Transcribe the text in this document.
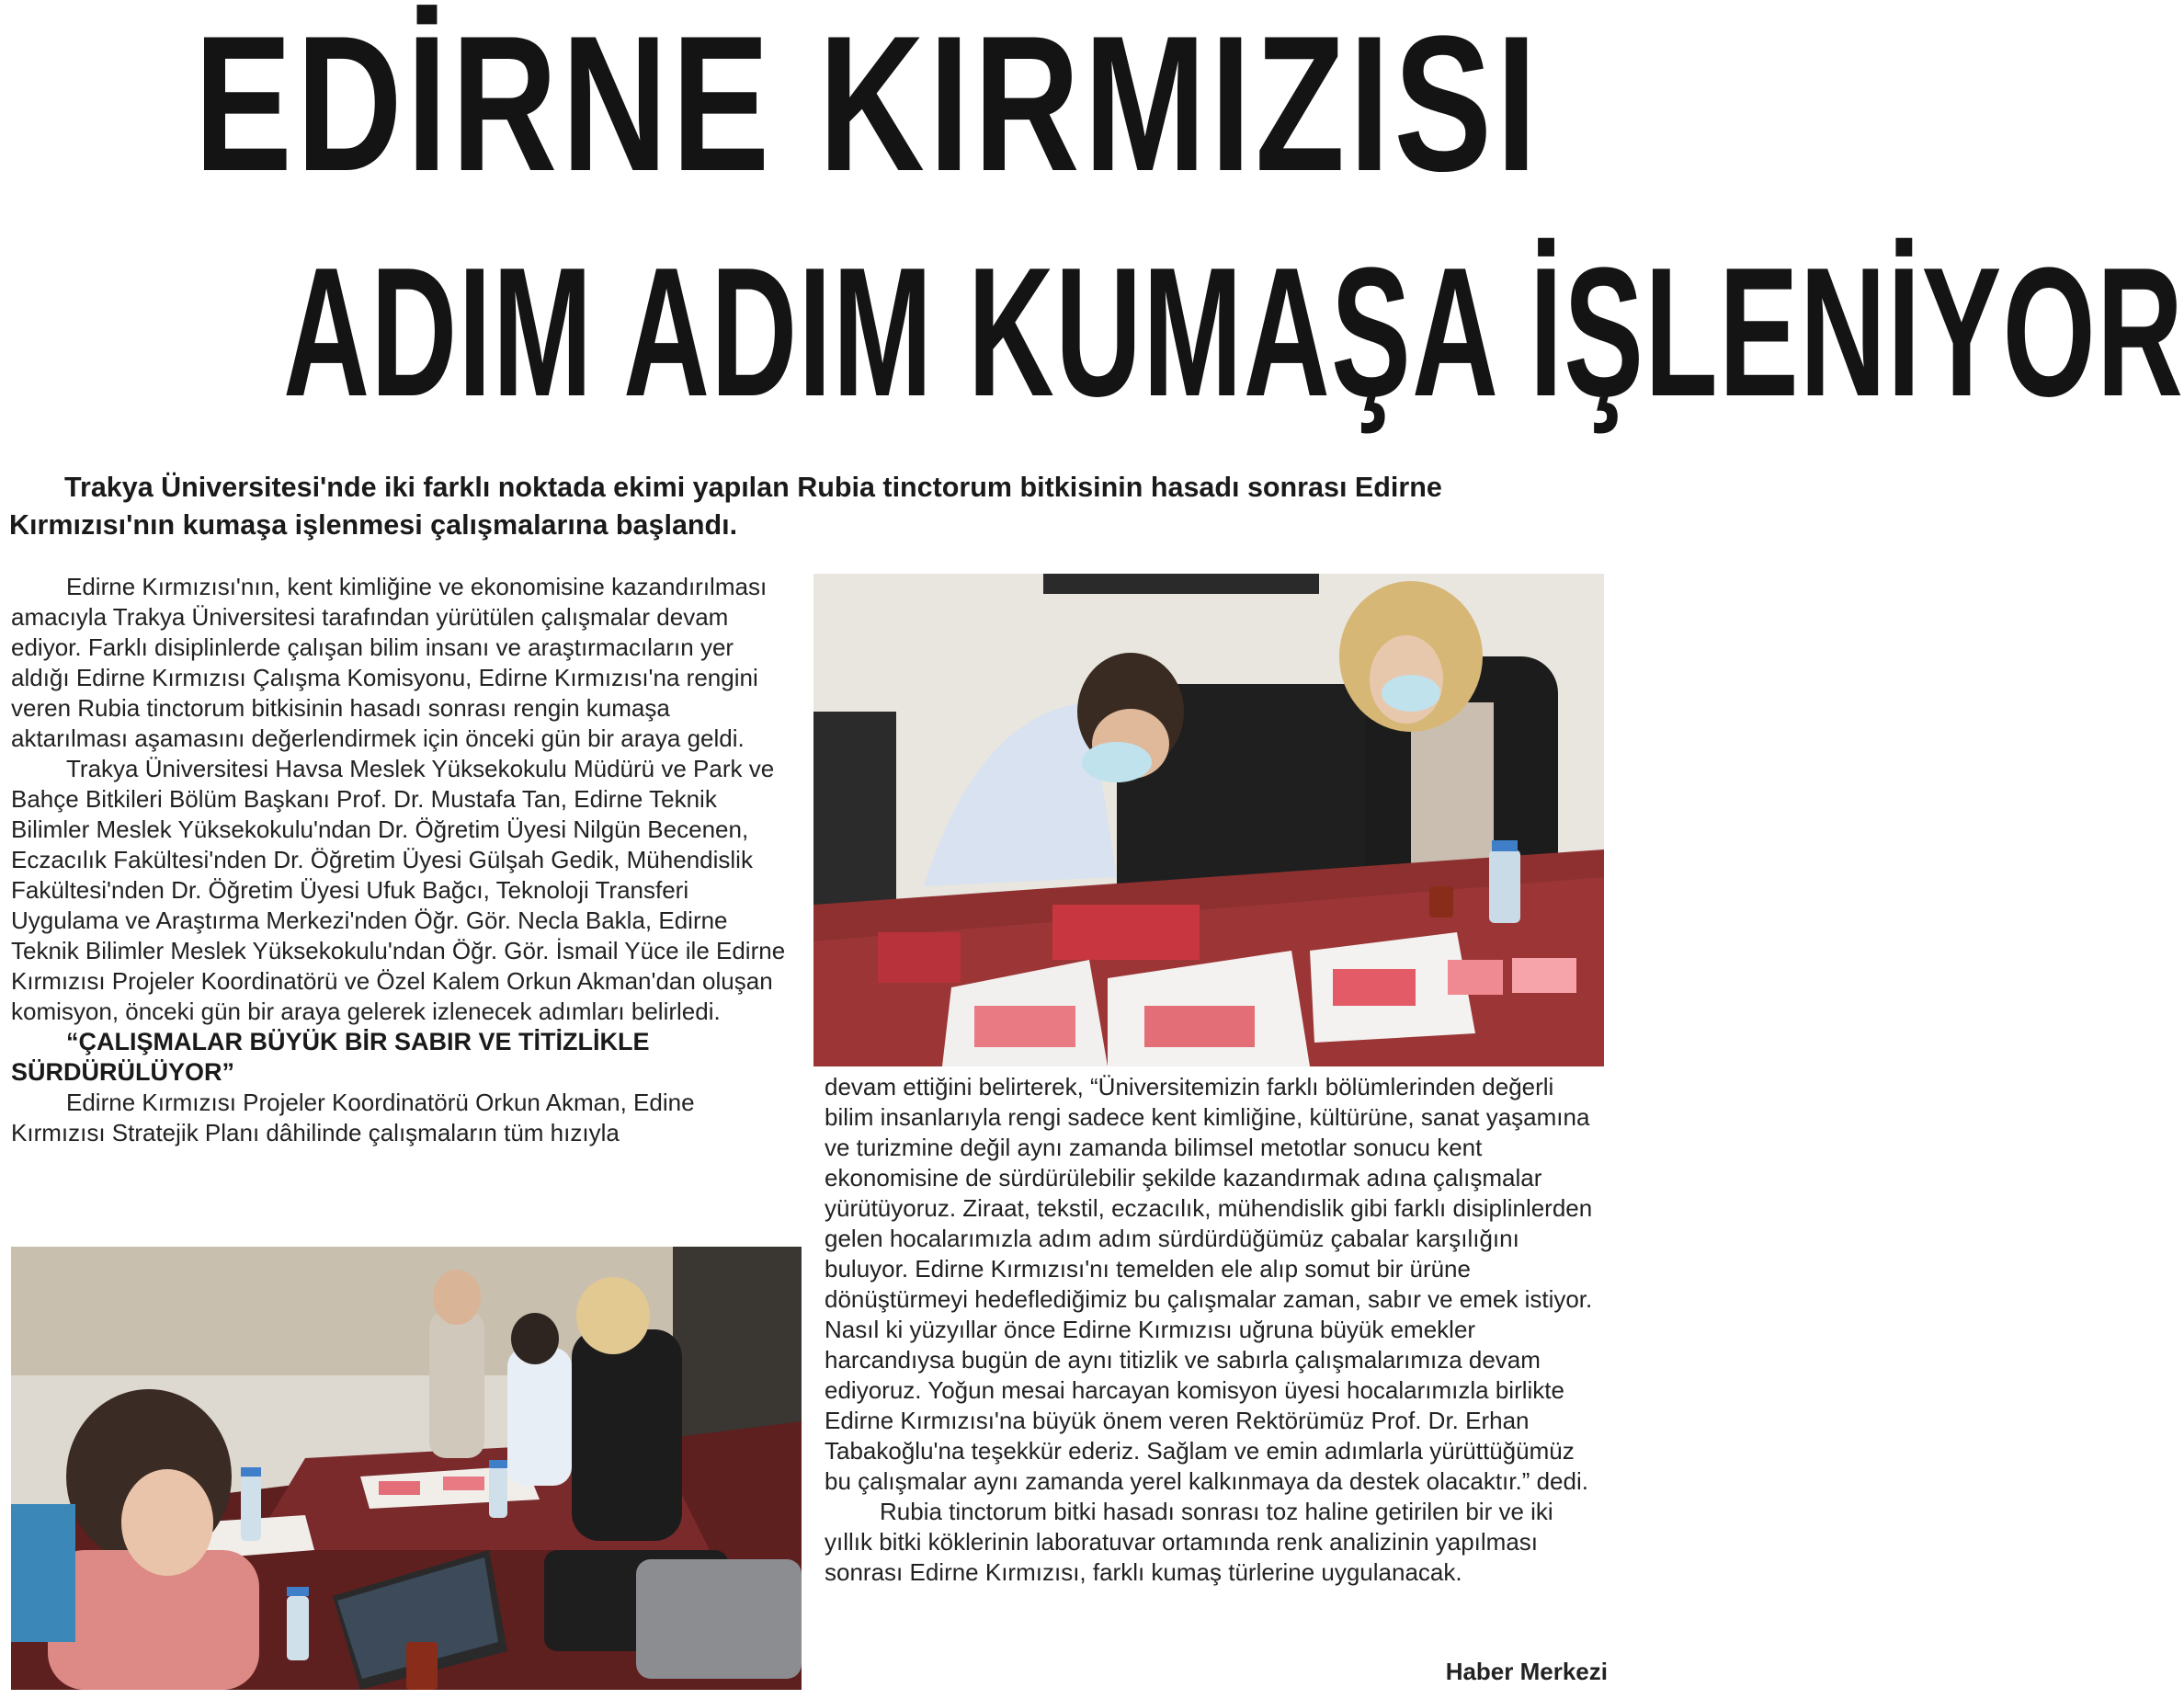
EDİRNE KIRMIZISI
ADIM ADIM KUMAŞA İŞLENİYOR

Trakya Üniversitesi'nde iki farklı noktada ekimi yapılan Rubia tinctorum bitkisinin hasadı sonrası Edirne Kırmızısı'nın kumaşa işlenmesi çalışmalarına başlandı.

Edirne Kırmızısı'nın, kent kimliğine ve ekonomisine kazandırılması amacıyla Trakya Üniversitesi tarafından yürütülen çalışmalar devam ediyor. Farklı disiplinlerde çalışan bilim insanı ve araştırmacıların yer aldığı Edirne Kırmızısı Çalışma Komisyonu, Edirne Kırmızısı'na rengini veren Rubia tinctorum bitkisinin hasadı sonrası rengin kumaşa aktarılması aşamasını değerlendirmek için önceki gün bir araya geldi.

Trakya Üniversitesi Havsa Meslek Yüksekokulu Müdürü ve Park ve Bahçe Bitkileri Bölüm Başkanı Prof. Dr. Mustafa Tan, Edirne Teknik Bilimler Meslek Yüksekokulu'ndan Dr. Öğretim Üyesi Nilgün Becenen, Eczacılık Fakültesi'nden Dr. Öğretim Üyesi Gülşah Gedik, Mühendislik Fakültesi'nden Dr. Öğretim Üyesi Ufuk Bağcı, Teknoloji Transferi Uygulama ve Araştırma Merkezi'nden Öğr. Gör. Necla Bakla, Edirne Teknik Bilimler Meslek Yüksekokulu'ndan Öğr. Gör. İsmail Yüce ile Edirne Kırmızısı Projeler Koordinatörü ve Özel Kalem Orkun Akman'dan oluşan komisyon, önceki gün bir araya gelerek izlenecek adımları belirledi.

“ÇALIŞMALAR BÜYÜK BİR SABIR VE TİTİZLİKLE SÜRDÜRÜLÜYOR”

Edirne Kırmızısı Projeler Koordinatörü Orkun Akman, Edine Kırmızısı Stratejik Planı dâhilinde çalışmaların tüm hızıyla

devam ettiğini belirterek, “Üniversitemizin farklı bölümlerinden değerli bilim insanlarıyla rengi sadece kent kimliğine, kültürüne, sanat yaşamına ve turizmine değil aynı zamanda bilimsel metotlar sonucu kent ekonomisine de sürdürülebilir şekilde kazandırmak adına çalışmalar yürütüyoruz. Ziraat, tekstil, eczacılık, mühendislik gibi farklı disiplinlerden gelen hocalarımızla adım adım sürdürdüğümüz çabalar karşılığını buluyor. Edirne Kırmızısı'nı temelden ele alıp somut bir ürüne dönüştürmeyi hedeflediğimiz bu çalışmalar zaman, sabır ve emek istiyor. Nasıl ki yüzyıllar önce Edirne Kırmızısı uğruna büyük emekler harcandıysa bugün de aynı titizlik ve sabırla çalışmalarımıza devam ediyoruz. Yoğun mesai harcayan komisyon üyesi hocalarımızla birlikte Edirne Kırmızısı'na büyük önem veren Rektörümüz Prof. Dr. Erhan Tabakoğlu'na teşekkür ederiz. Sağlam ve emin adımlarla yürüttüğümüz bu çalışmalar aynı zamanda yerel kalkınmaya da destek olacaktır.” dedi.

Rubia tinctorum bitki hasadı sonrası toz haline getirilen bir ve iki yıllık bitki köklerinin laboratuvar ortamında renk analizinin yapılması sonrası Edirne Kırmızısı, farklı kumaş türlerine uygulanacak.

Haber Merkezi
